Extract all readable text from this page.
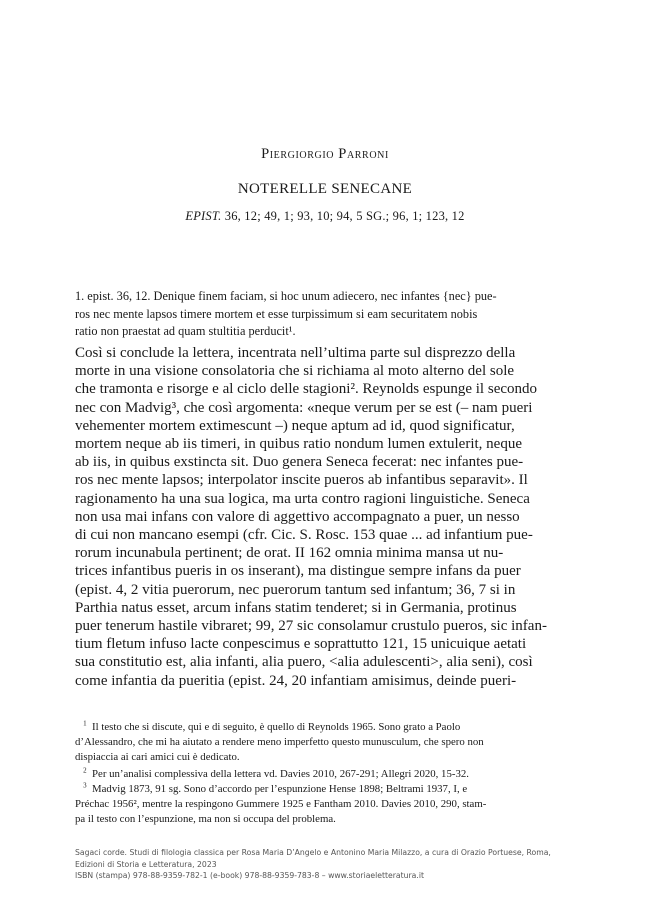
Piergiorgio Parroni
NOTERELLE SENECANE
EPIST. 36, 12; 49, 1; 93, 10; 94, 5 SG.; 96, 1; 123, 12
1. epist. 36, 12. Denique finem faciam, si hoc unum adiecero, nec infantes {nec} pue-
ros nec mente lapsos timere mortem et esse turpissimum si eam securitatem nobis
ratio non praestat ad quam stultitia perducit¹.
Così si conclude la lettera, incentrata nell’ultima parte sul disprezzo della
morte in una visione consolatoria che si richiama al moto alterno del sole
che tramonta e risorge e al ciclo delle stagioni². Reynolds espunge il secondo
nec con Madvig³, che così argomenta: «neque verum per se est (– nam pueri
vehementer mortem extimescunt –) neque aptum ad id, quod significatur,
mortem neque ab iis timeri, in quibus ratio nondum lumen extulerit, neque
ab iis, in quibus exstincta sit. Duo genera Seneca fecerat: nec infantes pue-
ros nec mente lapsos; interpolator inscite pueros ab infantibus separavit». Il
ragionamento ha una sua logica, ma urta contro ragioni linguistiche. Seneca
non usa mai infans con valore di aggettivo accompagnato a puer, un nesso
di cui non mancano esempi (cfr. Cic. S. Rosc. 153 quae ... ad infantium pue-
rorum incunabula pertinent; de orat. II 162 omnia minima mansa ut nu-
trices infantibus pueris in os inserant), ma distingue sempre infans da puer
(epist. 4, 2 vitia puerorum, nec puerorum tantum sed infantum; 36, 7 si in
Parthia natus esset, arcum infans statim tenderet; si in Germania, protinus
puer tenerum hastile vibraret; 99, 27 sic consolamur crustulo pueros, sic infan-
tium fletum infuso lacte conpescimus e soprattutto 121, 15 unicuique aetati
sua constitutio est, alia infanti, alia puero, <alia adulescenti>, alia seni), così
come infantia da pueritia (epist. 24, 20 infantiam amisimus, deinde pueri-
$^1$ Il testo che si discute, qui e di seguito, è quello di Reynolds 1965. Sono grato a Paolo
d’Alessandro, che mi ha aiutato a rendere meno imperfetto questo munusculum, che spero non
dispiaccia ai cari amici cui è dedicato.
$^2$ Per un’analisi complessiva della lettera vd. Davies 2010, 267-291; Allegri 2020, 15-32.
$^3$ Madvig 1873, 91 sg. Sono d’accordo per l’espunzione Hense 1898; Beltrami 1937, I, e
Préchac 1956², mentre la respingono Gummere 1925 e Fantham 2010. Davies 2010, 290, stam-
pa il testo con l’espunzione, ma non si occupa del problema.
Sagaci corde. Studi di filologia classica per Rosa Maria D’Angelo e Antonino Maria Milazzo, a cura di Orazio Portuese, Roma,
Edizioni di Storia e Letteratura, 2023
ISBN (stampa) 978-88-9359-782-1 (e-book) 978-88-9359-783-8 – www.storiaeletteratura.it
